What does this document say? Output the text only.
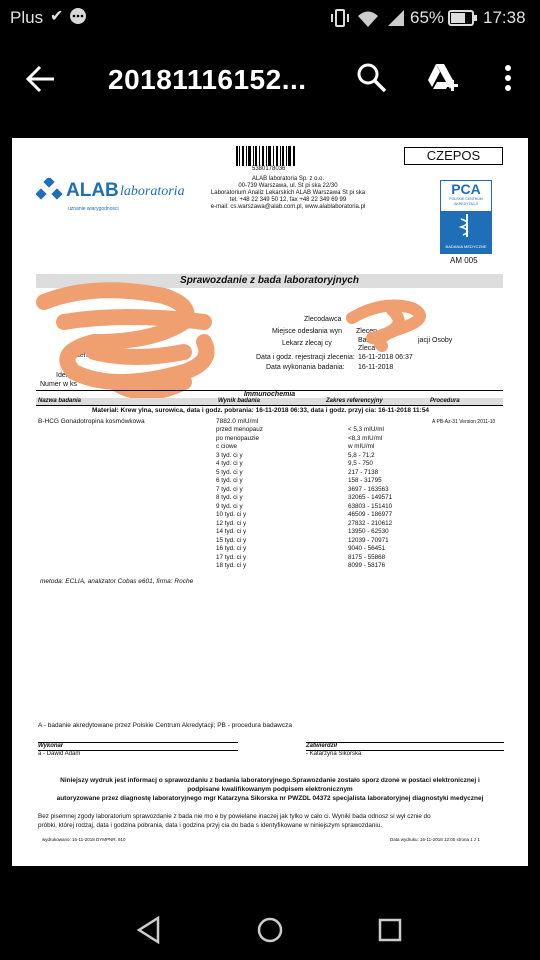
Plus ✔	65% 17:38
20181116152...
5380178036
CZEPOS
ALAB laboratoria
uznanie wiarygodnosci
ALAB laboratoria Sp. z o.o.
00-739 Warszawa, ul. St pi ska 22/30
Laboratorium Analiz Lekarskich ALAB Warszawa St pi ska
tel. +48 22 349 50 12, fax +48 22 349 69 99
e-mail: cs.warszawa@alab.com.pl, www.alablaboratoria.pl
PCA
POLSKIE CENTRUM AKREDYTACJI
BADANIA MEDYCZNE
AM 005
Sprawozdanie z bada laboratoryjnych
Data ur
Ident
Ident. dokum
Numer w ks
Zlecodawca
Miejsce odesłania wyn
Lekarz zlecaj cy
Zlecen
Bab Mi
Zleca
jacji Osoby
Data i godz. rejestracji zlecenia: 16-11-2018 06:37
Data wykonania badania: 16-11-2018
Immunochemia
Nazwa badania	Wynik badania	Zakres referencyjny	Procedura
Materiał: Krew ylna, surowica, data i godz. pobrania: 16-11-2018 06:33, data i godz. przyj cia: 16-11-2018 11:54
B-HCG Gonadotropina kosmówkowa	7882.0 mIU/ml	A PB-Az-31 Version 2011-10
przed menopauz	< 5,3 mIU/ml
po menopauzie	<8,3 mIU/ml
c ciowe	w mIU/ml
3 tyd. ci y	5,8 - 71,2
4 tyd. ci y	9,5 - 750
5 tyd. ci y	217 - 7138
6 tyd. ci y	158 - 31795
7 tyd. ci y	3697 - 163563
8 tyd. ci y	32065 - 149571
9 tyd. ci y	63803 - 151410
10 tyd. ci y	46509 - 186977
12 tyd. ci y	27832 - 210612
14 tyd. ci y	13950 - 62530
15 tyd. ci y	12039 - 70971
16 tyd. ci y	9040 - 56451
17 tyd. ci y	8175 - 55868
18 tyd. ci y	8099 - 58176
metoda: ECLIA, analizator Cobas e601, firma: Roche
A - badanie akredytowane przez Polskie Centrum Akredytacji; PB - procedura badawcza
Wykonał
a - Dawid Adam
Zatwierdził
- Katarzyna Sikorska
Niniejszy wydruk jest informacj o sprawozdaniu z badania laboratoryjnego.Sprawozdanie zostało sporz dzone w postaci elektronicznej i
podpisane kwalifikowanym podpisem elektronicznym
autoryzowane przez diagnostę laboratoryjnego mgr Katarzyna Sikorska nr PWZDL 04372 specjalista laboratoryjnej diagnostyki medycznej
Bez pisemnej zgody laboratorium sprawozdanie z bada nie mo e by powielane inaczej jak tylko w cało ci. Wyniki bada odnosz si wył cznie do
próbki, której rodzaj, data i godzina pobrania, data i godzina przyj cia do bada s identyfikowane w niniejszym sprawozdaniu.
wydrukowano: 16-11-2018 DYMPNR: 910	Data wydruku: 16-11-2018 12:00 strona 1 z 1
